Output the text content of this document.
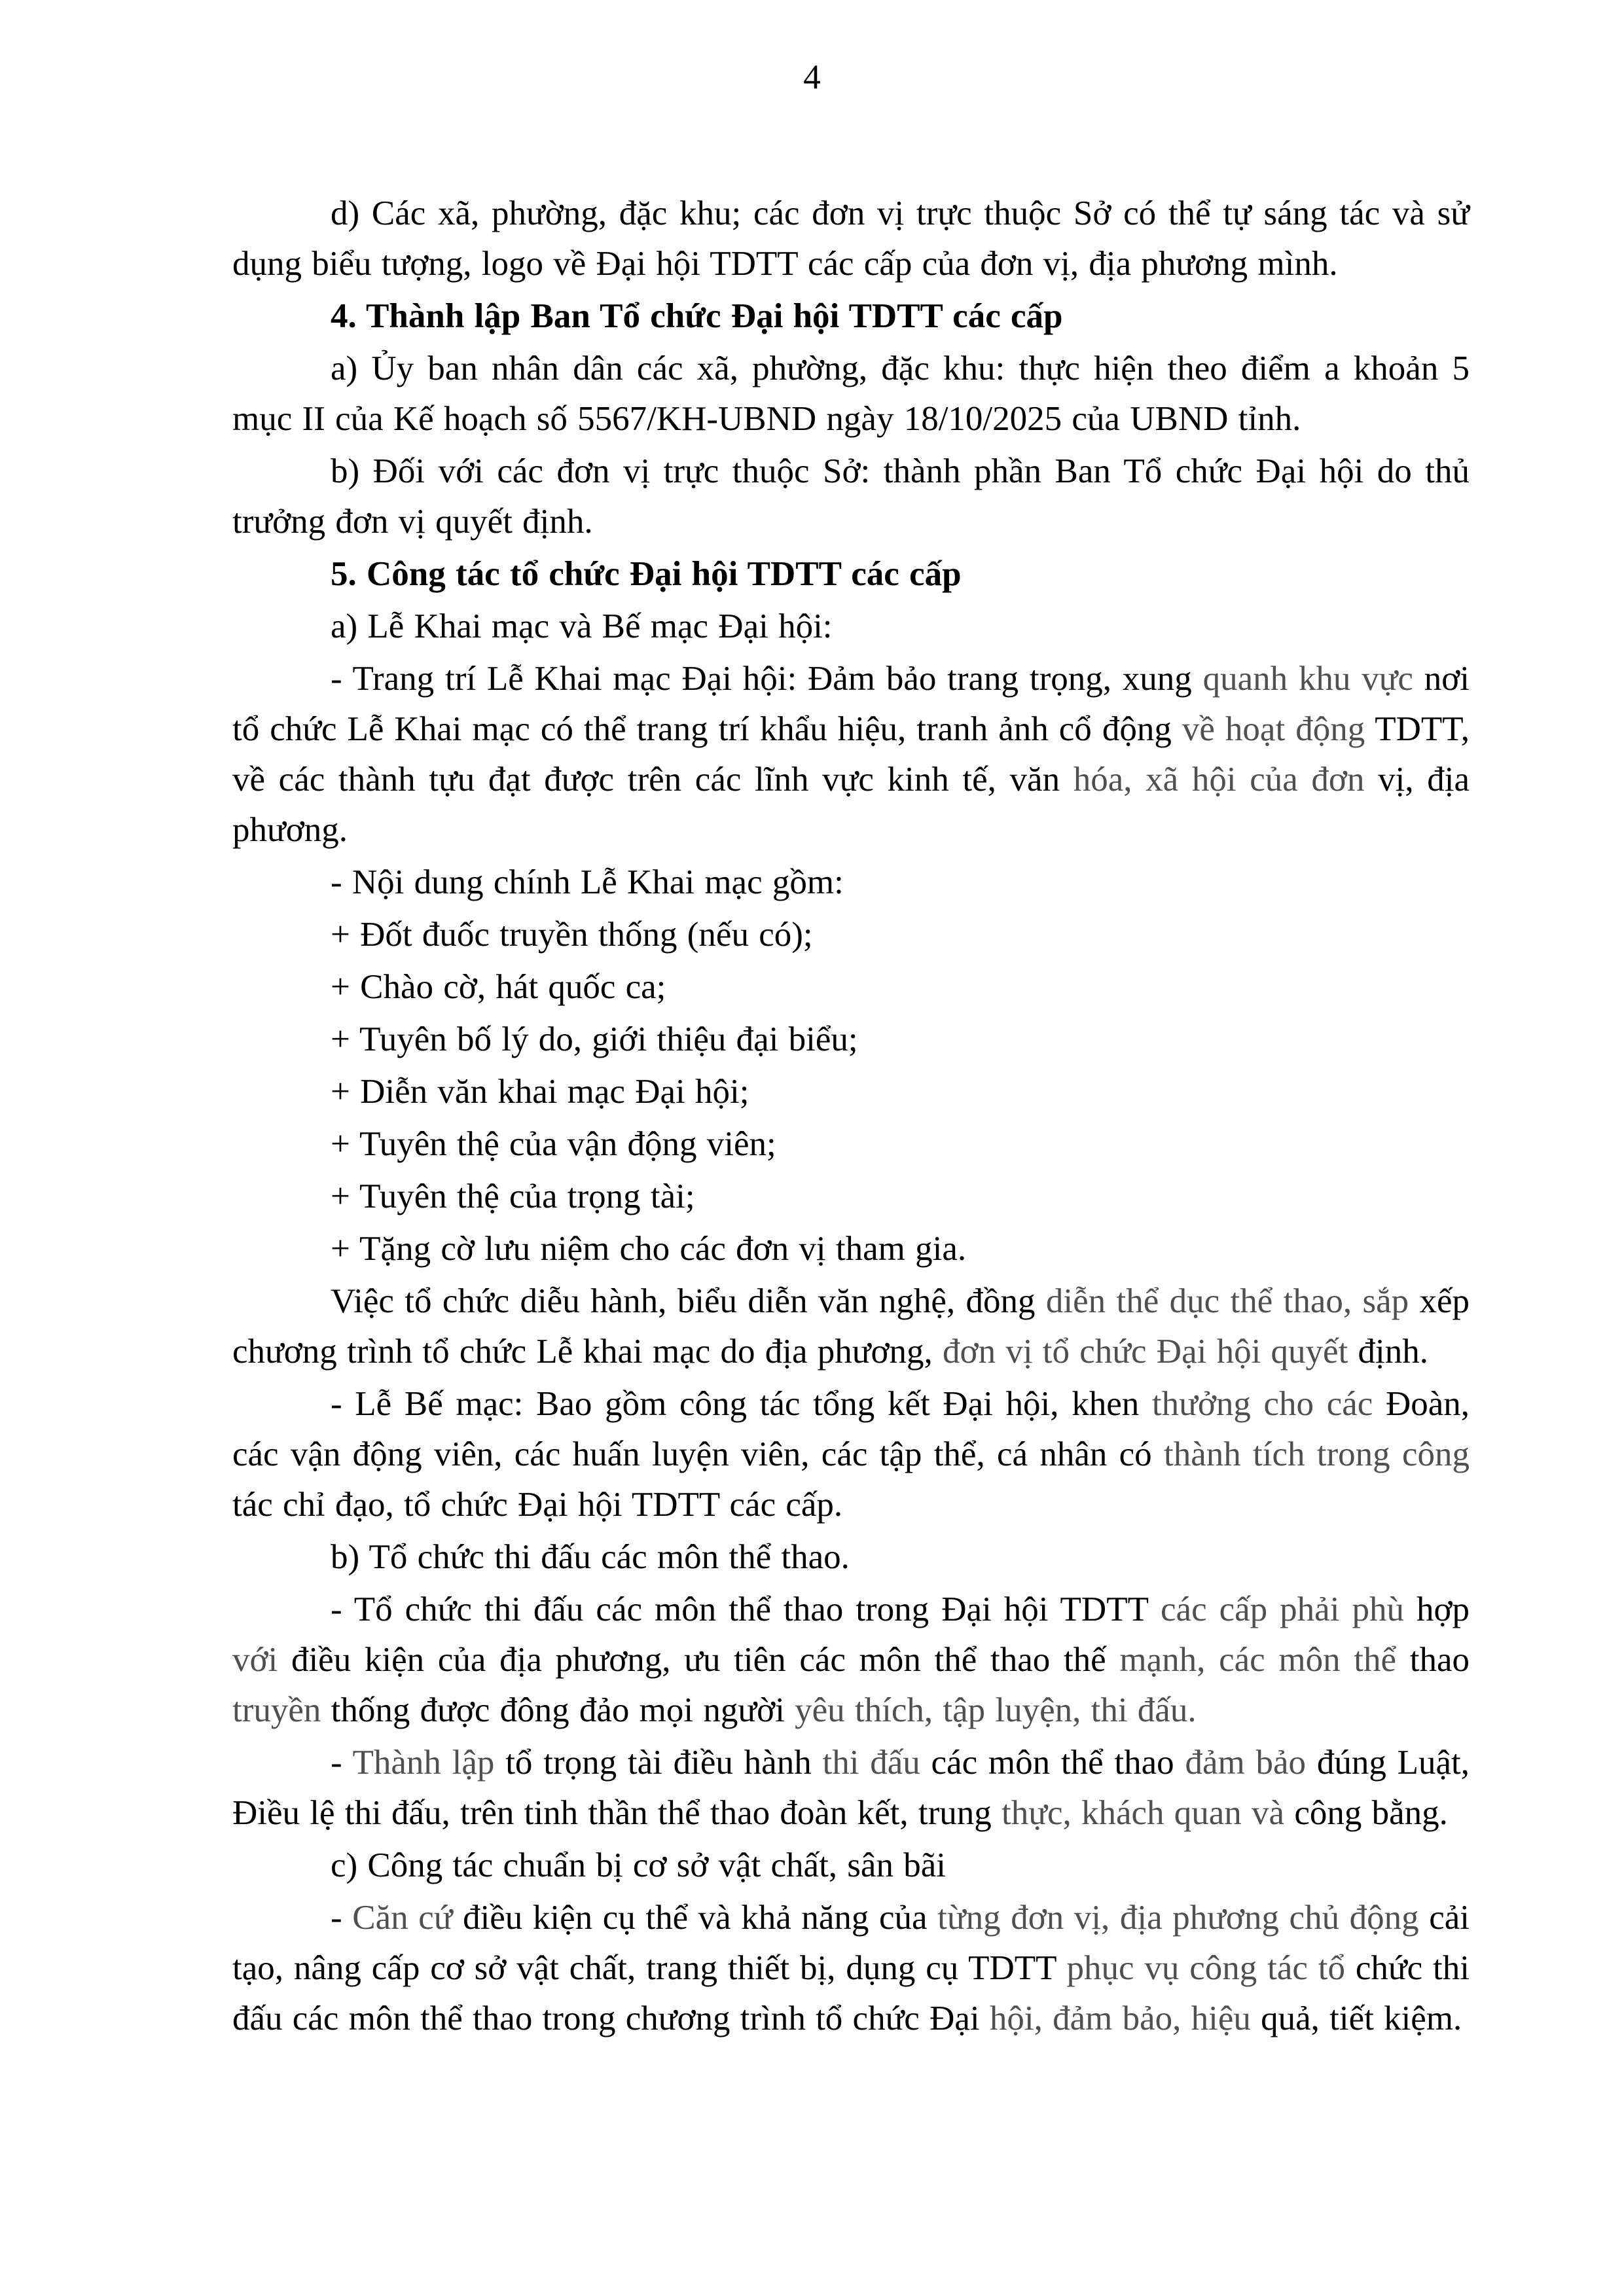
4

d) Các xã, phường, đặc khu; các đơn vị trực thuộc Sở có thể tự sáng tác và sử dụng biểu tượng, logo về Đại hội TDTT các cấp của đơn vị, địa phương mình.

4. Thành lập Ban Tổ chức Đại hội TDTT các cấp

a) Ủy ban nhân dân các xã, phường, đặc khu: thực hiện theo điểm a khoản 5 mục II của Kế hoạch số 5567/KH-UBND ngày 18/10/2025 của UBND tỉnh.

b) Đối với các đơn vị trực thuộc Sở: thành phần Ban Tổ chức Đại hội do thủ trưởng đơn vị quyết định.

5. Công tác tổ chức Đại hội TDTT các cấp

a) Lễ Khai mạc và Bế mạc Đại hội:

- Trang trí Lễ Khai mạc Đại hội: Đảm bảo trang trọng, xung quanh khu vực nơi tổ chức Lễ Khai mạc có thể trang trí khẩu hiệu, tranh ảnh cổ động về hoạt động TDTT, về các thành tựu đạt được trên các lĩnh vực kinh tế, văn hóa, xã hội của đơn vị, địa phương.

- Nội dung chính Lễ Khai mạc gồm:

+ Đốt đuốc truyền thống (nếu có);

+ Chào cờ, hát quốc ca;

+ Tuyên bố lý do, giới thiệu đại biểu;

+ Diễn văn khai mạc Đại hội;

+ Tuyên thệ của vận động viên;

+ Tuyên thệ của trọng tài;

+ Tặng cờ lưu niệm cho các đơn vị tham gia.

Việc tổ chức diễu hành, biểu diễn văn nghệ, đồng diễn thể dục thể thao, sắp xếp chương trình tổ chức Lễ khai mạc do địa phương, đơn vị tổ chức Đại hội quyết định.

- Lễ Bế mạc: Bao gồm công tác tổng kết Đại hội, khen thưởng cho các Đoàn, các vận động viên, các huấn luyện viên, các tập thể, cá nhân có thành tích trong công tác chỉ đạo, tổ chức Đại hội TDTT các cấp.

b) Tổ chức thi đấu các môn thể thao.

- Tổ chức thi đấu các môn thể thao trong Đại hội TDTT các cấp phải phù hợp với điều kiện của địa phương, ưu tiên các môn thể thao thế mạnh, các môn thể thao truyền thống được đông đảo mọi người yêu thích, tập luyện, thi đấu.

- Thành lập tổ trọng tài điều hành thi đấu các môn thể thao đảm bảo đúng Luật, Điều lệ thi đấu, trên tinh thần thể thao đoàn kết, trung thực, khách quan và công bằng.

c) Công tác chuẩn bị cơ sở vật chất, sân bãi

- Căn cứ điều kiện cụ thể và khả năng của từng đơn vị, địa phương chủ động cải tạo, nâng cấp cơ sở vật chất, trang thiết bị, dụng cụ TDTT phục vụ công tác tổ chức thi đấu các môn thể thao trong chương trình tổ chức Đại hội, đảm bảo, hiệu quả, tiết kiệm.
